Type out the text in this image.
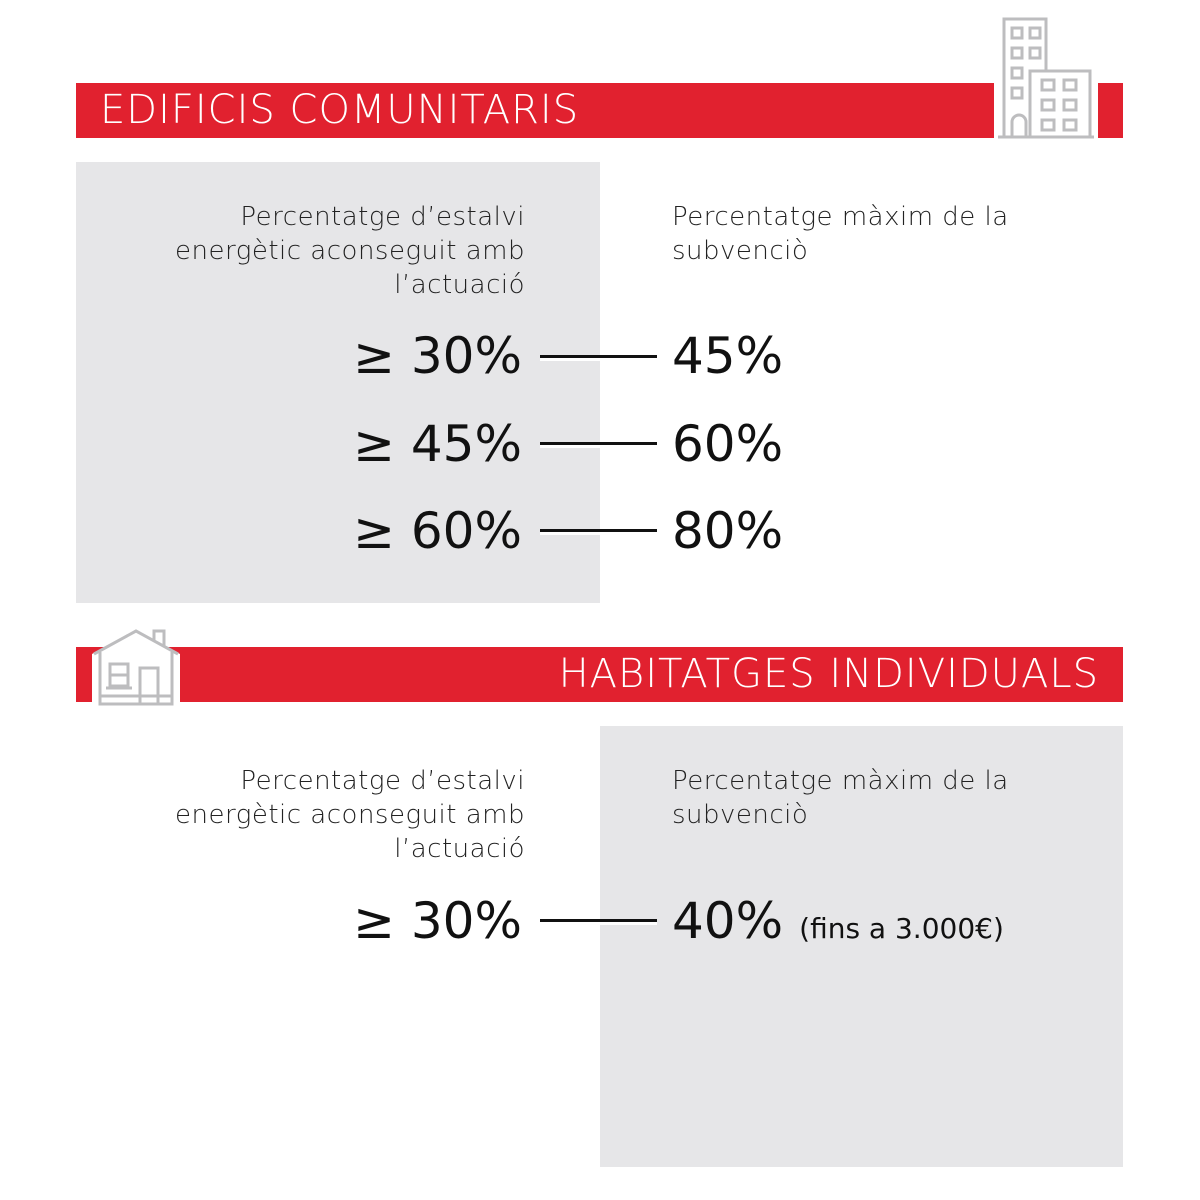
EDIFICIS COMUNITARIS
Percentatge d’estalvi
energètic aconseguit amb
l’actuació
Percentatge màxim de la
subvenciò
≥ 30%	45%
≥ 45%	60%
≥ 60%	80%
HABITATGES INDIVIDUALS
Percentatge d’estalvi
energètic aconseguit amb
l’actuació
Percentatge màxim de la
subvenciò
≥ 30%	40% (fins a 3.000€)
